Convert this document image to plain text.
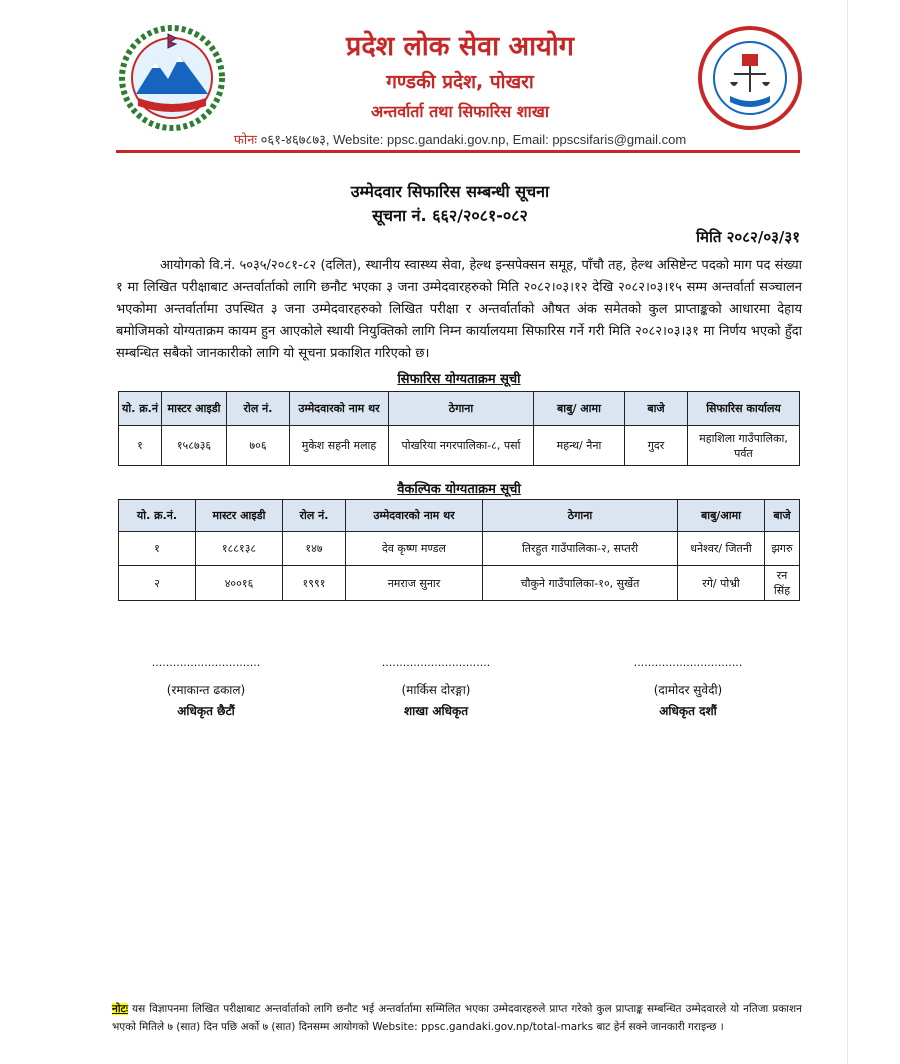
प्रदेश लोक सेवा आयोग
गण्डकी प्रदेश, पोखरा
अन्तर्वार्ता तथा सिफारिस शाखा
फोनः ०६१-४६७८७३, Website: ppsc.gandaki.gov.np, Email: ppscsifaris@gmail.com
उम्मेदवार सिफारिस सम्बन्धी सूचना
सूचना नं. ६६२/२०८१-०८२
मिति २०८२/०३/३१
आयोगको वि.नं. ५०३५/२०८१-८२ (दलित), स्थानीय स्वास्थ्य सेवा, हेल्थ इन्सपेक्सन समूह, पाँचौ तह, हेल्थ असिष्टेन्ट पदको माग पद संख्या १ मा लिखित परीक्षाबाट अन्तर्वार्ताको लागि छनौट भएका ३ जना उम्मेदवारहरुको मिति २०८२।०३।१२ देखि २०८२।०३।१५ सम्म अन्तर्वार्ता सञ्चालन भएकोमा अन्तर्वार्तामा उपस्थित ३ जना उम्मेदवारहरुको लिखित परीक्षा र अन्तर्वार्ताको औषत अंक समेतको कुल प्राप्ताङ्कको आधारमा देहाय बमोजिमको योग्यताक्रम कायम हुन आएकोले स्थायी नियुक्तिको लागि निम्न कार्यालयमा सिफारिस गर्ने गरी मिति २०८२।०३।३१ मा निर्णय भएको हुँदा सम्बन्धित सबैको जानकारीको लागि यो सूचना प्रकाशित गरिएको छ।
सिफारिस योग्यताक्रम सूची
यो. क्र.नं	मास्टर आइडी	रोल नं.	उम्मेदवारको नाम थर	ठेगाना	बाबु/ आमा	बाजे	सिफारिस कार्यालय
१	१५८७३६	७०६	मुकेश सहनी मलाह	पोखरिया नगरपालिका-८, पर्सा	महन्थ/ नैना	गुदर	महाशिला गाउँपालिका, पर्वत
वैकल्पिक योग्यताक्रम सूची
यो. क्र.नं.	मास्टर आइडी	रोल नं.	उम्मेदवारको नाम थर	ठेगाना	बाबु/आमा	बाजे
१	१८८१३८	१४७	देव कृष्ण मण्डल	तिरहुत गाउँपालिका-२, सप्तरी	धनेश्वर/ जितनी	झगरु
२	४००१६	१९९१	नमराज सुनार	चौकुने गाउँपालिका-१०, सुर्खेत	रगे/ पोभ्री	रन सिंह
...............................
(रमाकान्त ढकाल)
अधिकृत छैटौं
...............................
(मार्किस दोरङ्गा)
शाखा अधिकृत
...............................
(दामोदर सुवेदी)
अधिकृत दशौं
नोटः यस विज्ञापनमा लिखित परीक्षाबाट अन्तर्वार्ताको लागि छनौट भई अन्तर्वार्तामा सम्मिलित भएका उम्मेदवारहरुले प्राप्त गरेको कुल प्राप्ताङ्क सम्बन्धित उम्मेदवारले यो नतिजा प्रकाशन भएको मितिले ७ (सात) दिन पछि अर्को ७ (सात) दिनसम्म आयोगको Website: ppsc.gandaki.gov.np/total-marks बाट हेर्न सक्ने जानकारी गराइन्छ ।
